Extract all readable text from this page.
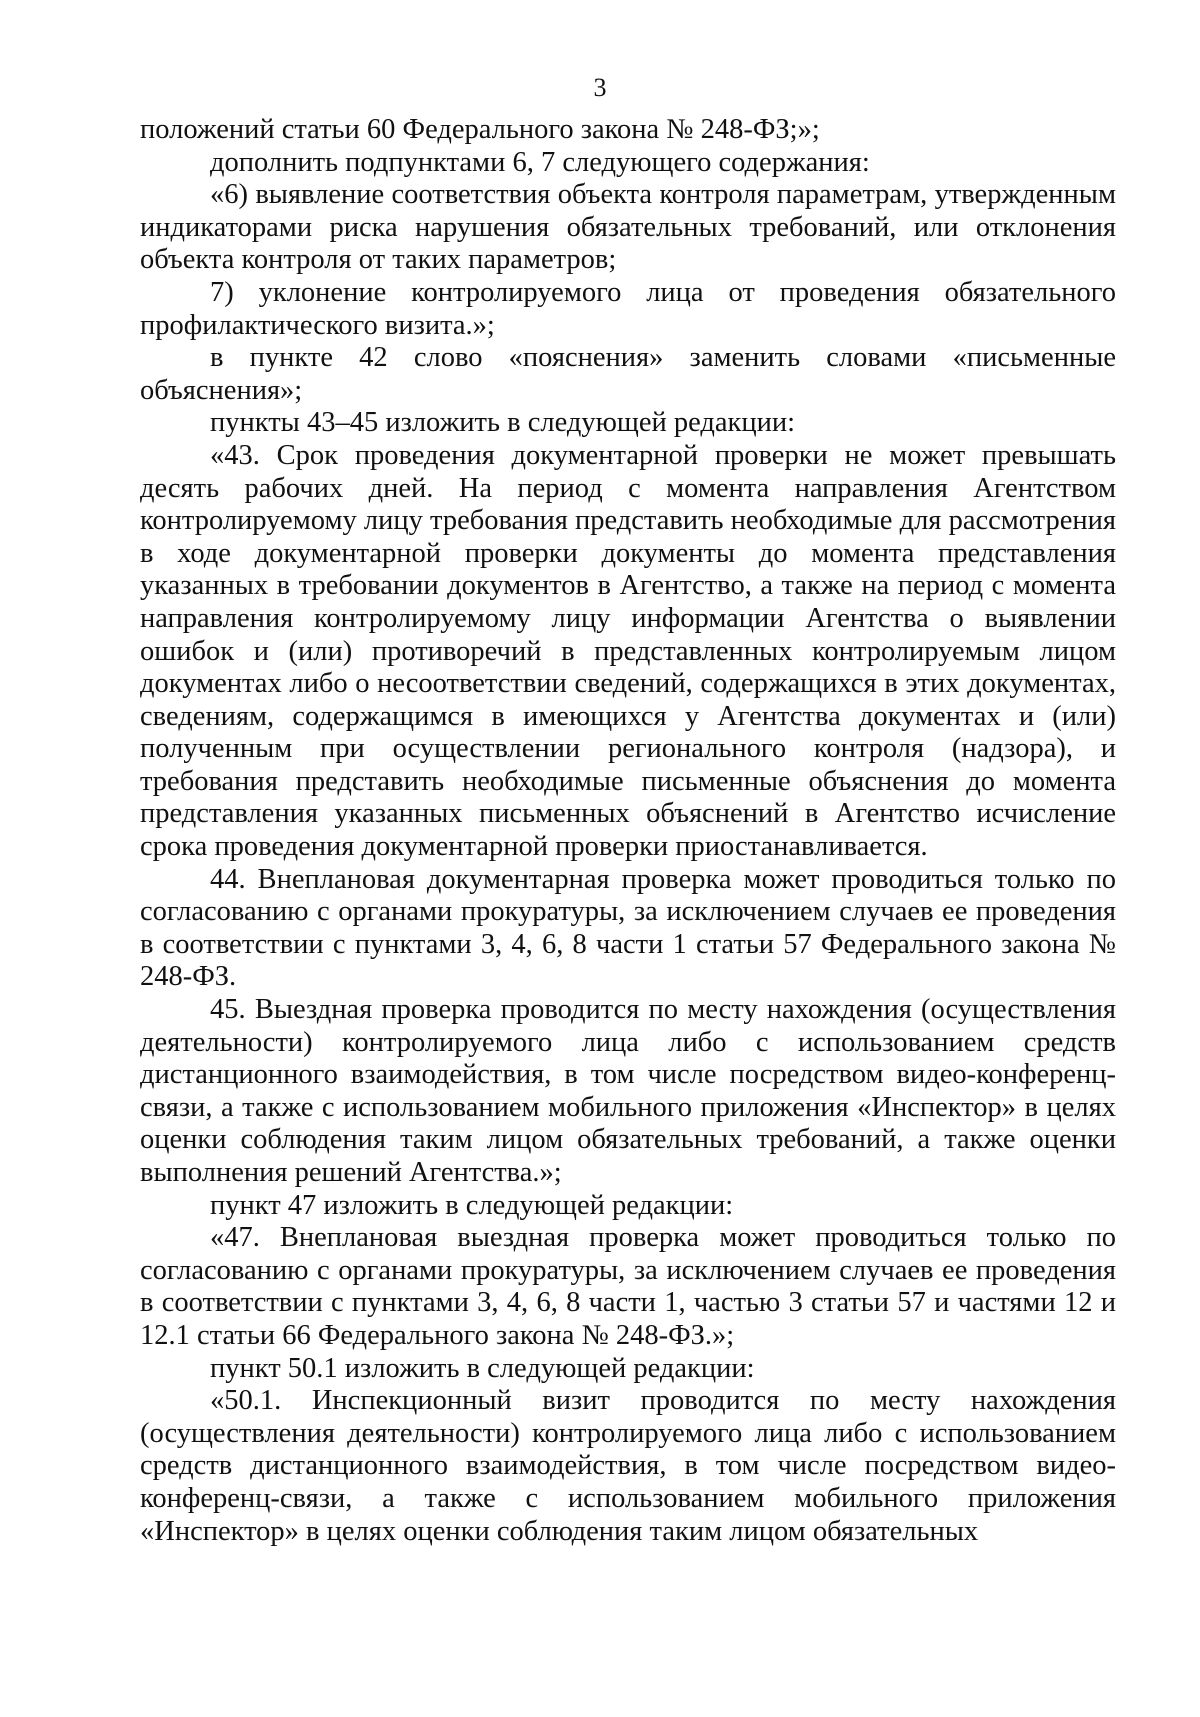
3

положений статьи 60 Федерального закона № 248-ФЗ;»;

дополнить подпунктами 6, 7 следующего содержания:

«6) выявление соответствия объекта контроля параметрам, утвержденным индикаторами риска нарушения обязательных требований, или отклонения объекта контроля от таких параметров;

7) уклонение контролируемого лица от проведения обязательного профилактического визита.»;

в пункте 42 слово «пояснения» заменить словами «письменные объяснения»;

пункты 43–45 изложить в следующей редакции:

«43. Срок проведения документарной проверки не может превышать десять рабочих дней. На период с момента направления Агентством контролируемому лицу требования представить необходимые для рассмотрения в ходе документарной проверки документы до момента представления указанных в требовании документов в Агентство, а также на период с момента направления контролируемому лицу информации Агентства о выявлении ошибок и (или) противоречий в представленных контролируемым лицом документах либо о несоответствии сведений, содержащихся в этих документах, сведениям, содержащимся в имеющихся у Агентства документах и (или) полученным при осуществлении регионального контроля (надзора), и требования представить необходимые письменные объяснения до момента представления указанных письменных объяснений в Агентство исчисление срока проведения документарной проверки приостанавливается.

44. Внеплановая документарная проверка может проводиться только по согласованию с органами прокуратуры, за исключением случаев ее проведения в соответствии с пунктами 3, 4, 6, 8 части 1 статьи 57 Федерального закона № 248-ФЗ.

45. Выездная проверка проводится по месту нахождения (осуществления деятельности) контролируемого лица либо с использованием средств дистанционного взаимодействия, в том числе посредством видео-конференц-связи, а также с использованием мобильного приложения «Инспектор» в целях оценки соблюдения таким лицом обязательных требований, а также оценки выполнения решений Агентства.»;

пункт 47 изложить в следующей редакции:

«47. Внеплановая выездная проверка может проводиться только по согласованию с органами прокуратуры, за исключением случаев ее проведения в соответствии с пунктами 3, 4, 6, 8 части 1, частью 3 статьи 57 и частями 12 и 12.1 статьи 66 Федерального закона № 248-ФЗ.»;

пункт 50.1 изложить в следующей редакции:

«50.1. Инспекционный визит проводится по месту нахождения (осуществления деятельности) контролируемого лица либо с использованием средств дистанционного взаимодействия, в том числе посредством видео-конференц-связи, а также с использованием мобильного приложения «Инспектор» в целях оценки соблюдения таким лицом обязательных
